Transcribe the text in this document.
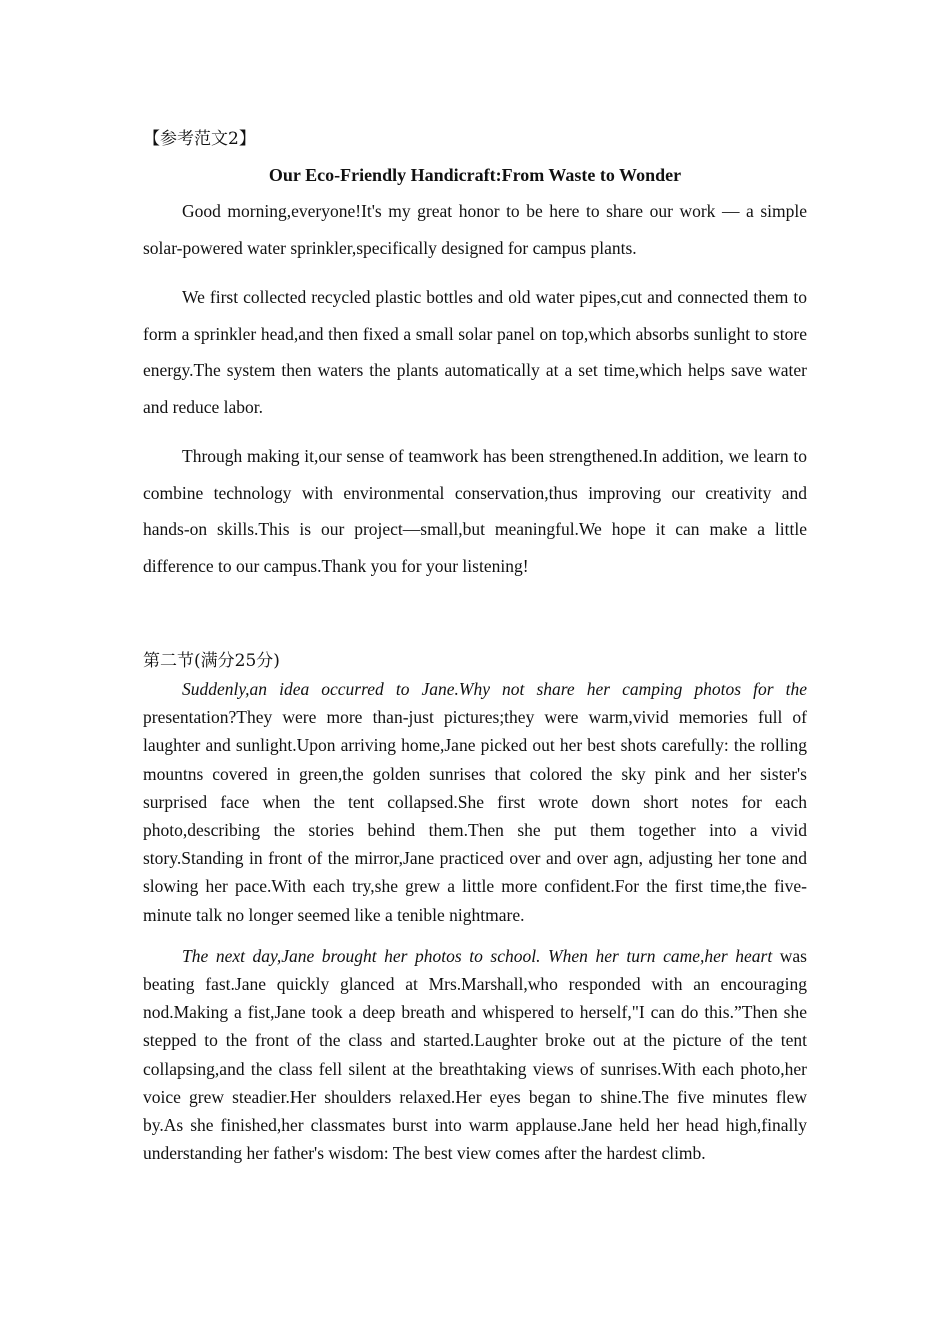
【参考范文2】

Our Eco-Friendly Handicraft:From Waste to Wonder

Good morning,everyone!It's my great honor to be here to share our work — a simple solar-powered water sprinkler,specifically designed for campus plants.

We first collected recycled plastic bottles and old water pipes,cut and connected them to form a sprinkler head,and then fixed a small solar panel on top,which absorbs sunlight to store energy.The system then waters the plants automatically at a set time,which helps save water and reduce labor.

Through making it,our sense of teamwork has been strengthened.In addition, we learn to combine technology with environmental conservation,thus improving our creativity and hands-on skills.This is our project—small,but meaningful.We hope it can make a little difference to our campus.Thank you for your listening!

第二节(满分25分)

Suddenly,an idea occurred to Jane.Why not share her camping photos for the presentation?They were more than-just pictures;they were warm,vivid memories full of laughter and sunlight.Upon arriving home,Jane picked out her best shots carefully: the rolling mountns covered in green,the golden sunrises that colored the sky pink and her sister's surprised face when the tent collapsed.She first wrote down short notes for each photo,describing the stories behind them.Then she put them together into a vivid story.Standing in front of the mirror,Jane practiced over and over agn, adjusting her tone and slowing her pace.With each try,she grew a little more confident.For the first time,the five-minute talk no longer seemed like a tenible nightmare.

The next day,Jane brought her photos to school. When her turn came,her heart was beating fast.Jane quickly glanced at Mrs.Marshall,who responded with an encouraging nod.Making a fist,Jane took a deep breath and whispered to herself,"I can do this.”Then she stepped to the front of the class and started.Laughter broke out at the picture of the tent collapsing,and the class fell silent at the breathtaking views of sunrises.With each photo,her voice grew steadier.Her shoulders relaxed.Her eyes began to shine.The five minutes flew by.As she finished,her classmates burst into warm applause.Jane held her head high,finally understanding her father's wisdom: The best view comes after the hardest climb.
